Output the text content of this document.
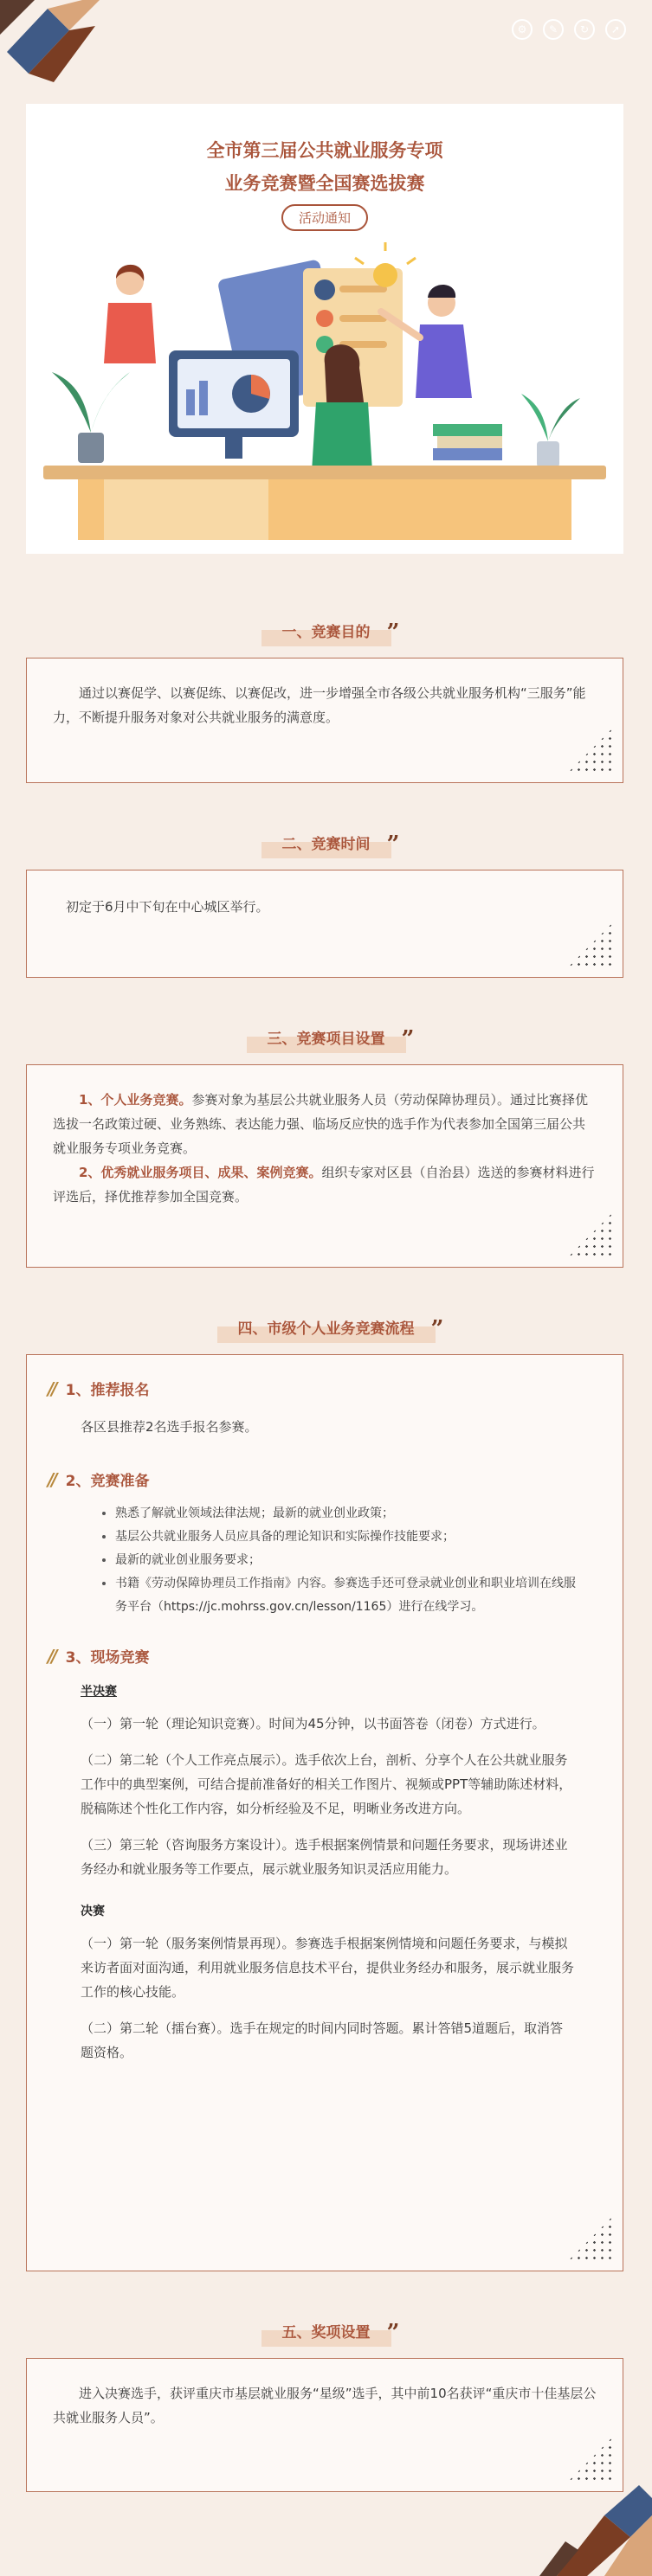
⚙	✎	↻	➚
全市第三届公共就业服务专项
业务竞赛暨全国赛选拔赛
活动通知
一、竞赛目的 ”

通过以赛促学、以赛促练、以赛促改，进一步增强全市各级公共就业服务机构“三服务”能力，不断提升服务对象对公共就业服务的满意度。

二、竞赛时间 ”

初定于6月中下旬在中心城区举行。

三、竞赛项目设置 ”

1、个人业务竞赛。参赛对象为基层公共就业服务人员（劳动保障协理员）。通过比赛择优选拔一名政策过硬、业务熟练、表达能力强、临场反应快的选手作为代表参加全国第三届公共就业服务专项业务竞赛。

2、优秀就业服务项目、成果、案例竞赛。组织专家对区县（自治县）选送的参赛材料进行评选后，择优推荐参加全国竞赛。

四、市级个人业务竞赛流程 ”
// 1、推荐报名

各区县推荐2名选手报名参赛。

// 2、竞赛准备
• 熟悉了解就业领域法律法规；最新的就业创业政策；
• 基层公共就业服务人员应具备的理论知识和实际操作技能要求；
• 最新的就业创业服务要求；
• 书籍《劳动保障协理员工作指南》内容。参赛选手还可登录就业创业和职业培训在线服务平台（https://jc.mohrss.gov.cn/lesson/1165）进行在线学习。
// 3、现场竞赛
半决赛

（一）第一轮（理论知识竞赛）。时间为45分钟，以书面答卷（闭卷）方式进行。

（二）第二轮（个人工作亮点展示）。选手依次上台，剖析、分享个人在公共就业服务工作中的典型案例，可结合提前准备好的相关工作图片、视频或PPT等辅助陈述材料，脱稿陈述个性化工作内容，如分析经验及不足，明晰业务改进方向。

（三）第三轮（咨询服务方案设计）。选手根据案例情景和问题任务要求，现场讲述业务经办和就业服务等工作要点，展示就业服务知识灵活应用能力。

决赛

（一）第一轮（服务案例情景再现）。参赛选手根据案例情境和问题任务要求，与模拟来访者面对面沟通，利用就业服务信息技术平台，提供业务经办和服务，展示就业服务工作的核心技能。

（二）第二轮（擂台赛）。选手在规定的时间内同时答题。累计答错5道题后，取消答题资格。

五、奖项设置 ”

进入决赛选手，获评重庆市基层就业服务“星级”选手，其中前10名获评“重庆市十佳基层公共就业服务人员”。
